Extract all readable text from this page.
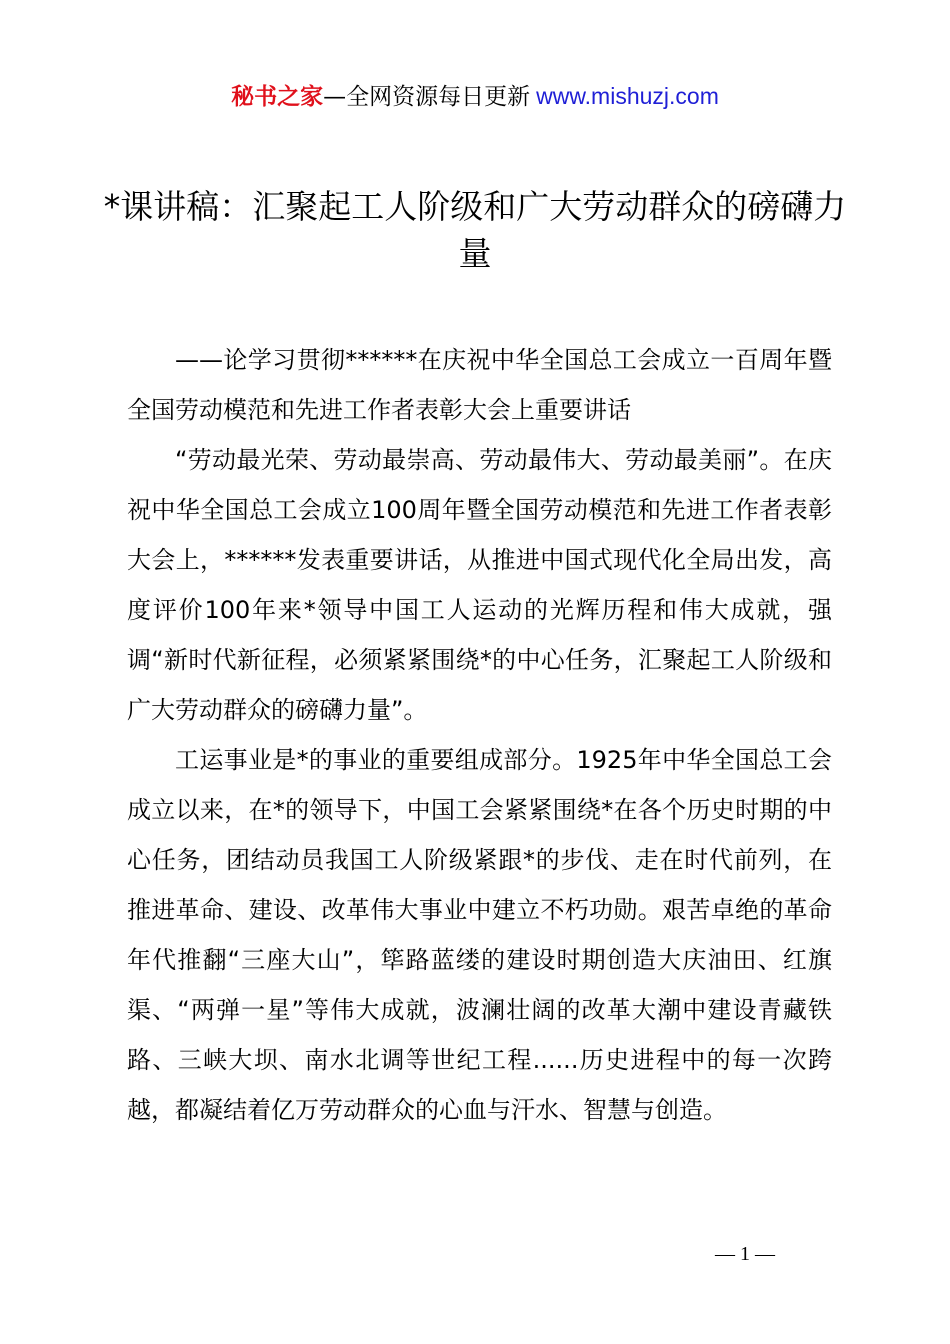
秘书之家—全网资源每日更新 www.mishuzj.com
*课讲稿：汇聚起工人阶级和广大劳动群众的磅礴力量

——论学习贯彻******在庆祝中华全国总工会成立一百周年暨全国劳动模范和先进工作者表彰大会上重要讲话

“劳动最光荣、劳动最崇高、劳动最伟大、劳动最美丽”。在庆祝中华全国总工会成立100周年暨全国劳动模范和先进工作者表彰大会上，******发表重要讲话，从推进中国式现代化全局出发，高度评价100年来*领导中国工人运动的光辉历程和伟大成就，强调“新时代新征程，必须紧紧围绕*的中心任务，汇聚起工人阶级和广大劳动群众的磅礴力量”。

工运事业是*的事业的重要组成部分。1925年中华全国总工会成立以来，在*的领导下，中国工会紧紧围绕*在各个历史时期的中心任务，团结动员我国工人阶级紧跟*的步伐、走在时代前列，在推进革命、建设、改革伟大事业中建立不朽功勋。艰苦卓绝的革命年代推翻“三座大山”，筚路蓝缕的建设时期创造大庆油田、红旗渠、“两弹一星”等伟大成就，波澜壮阔的改革大潮中建设青藏铁路、三峡大坝、南水北调等世纪工程......历史进程中的每一次跨越，都凝结着亿万劳动群众的心血与汗水、智慧与创造。

— 1 —
